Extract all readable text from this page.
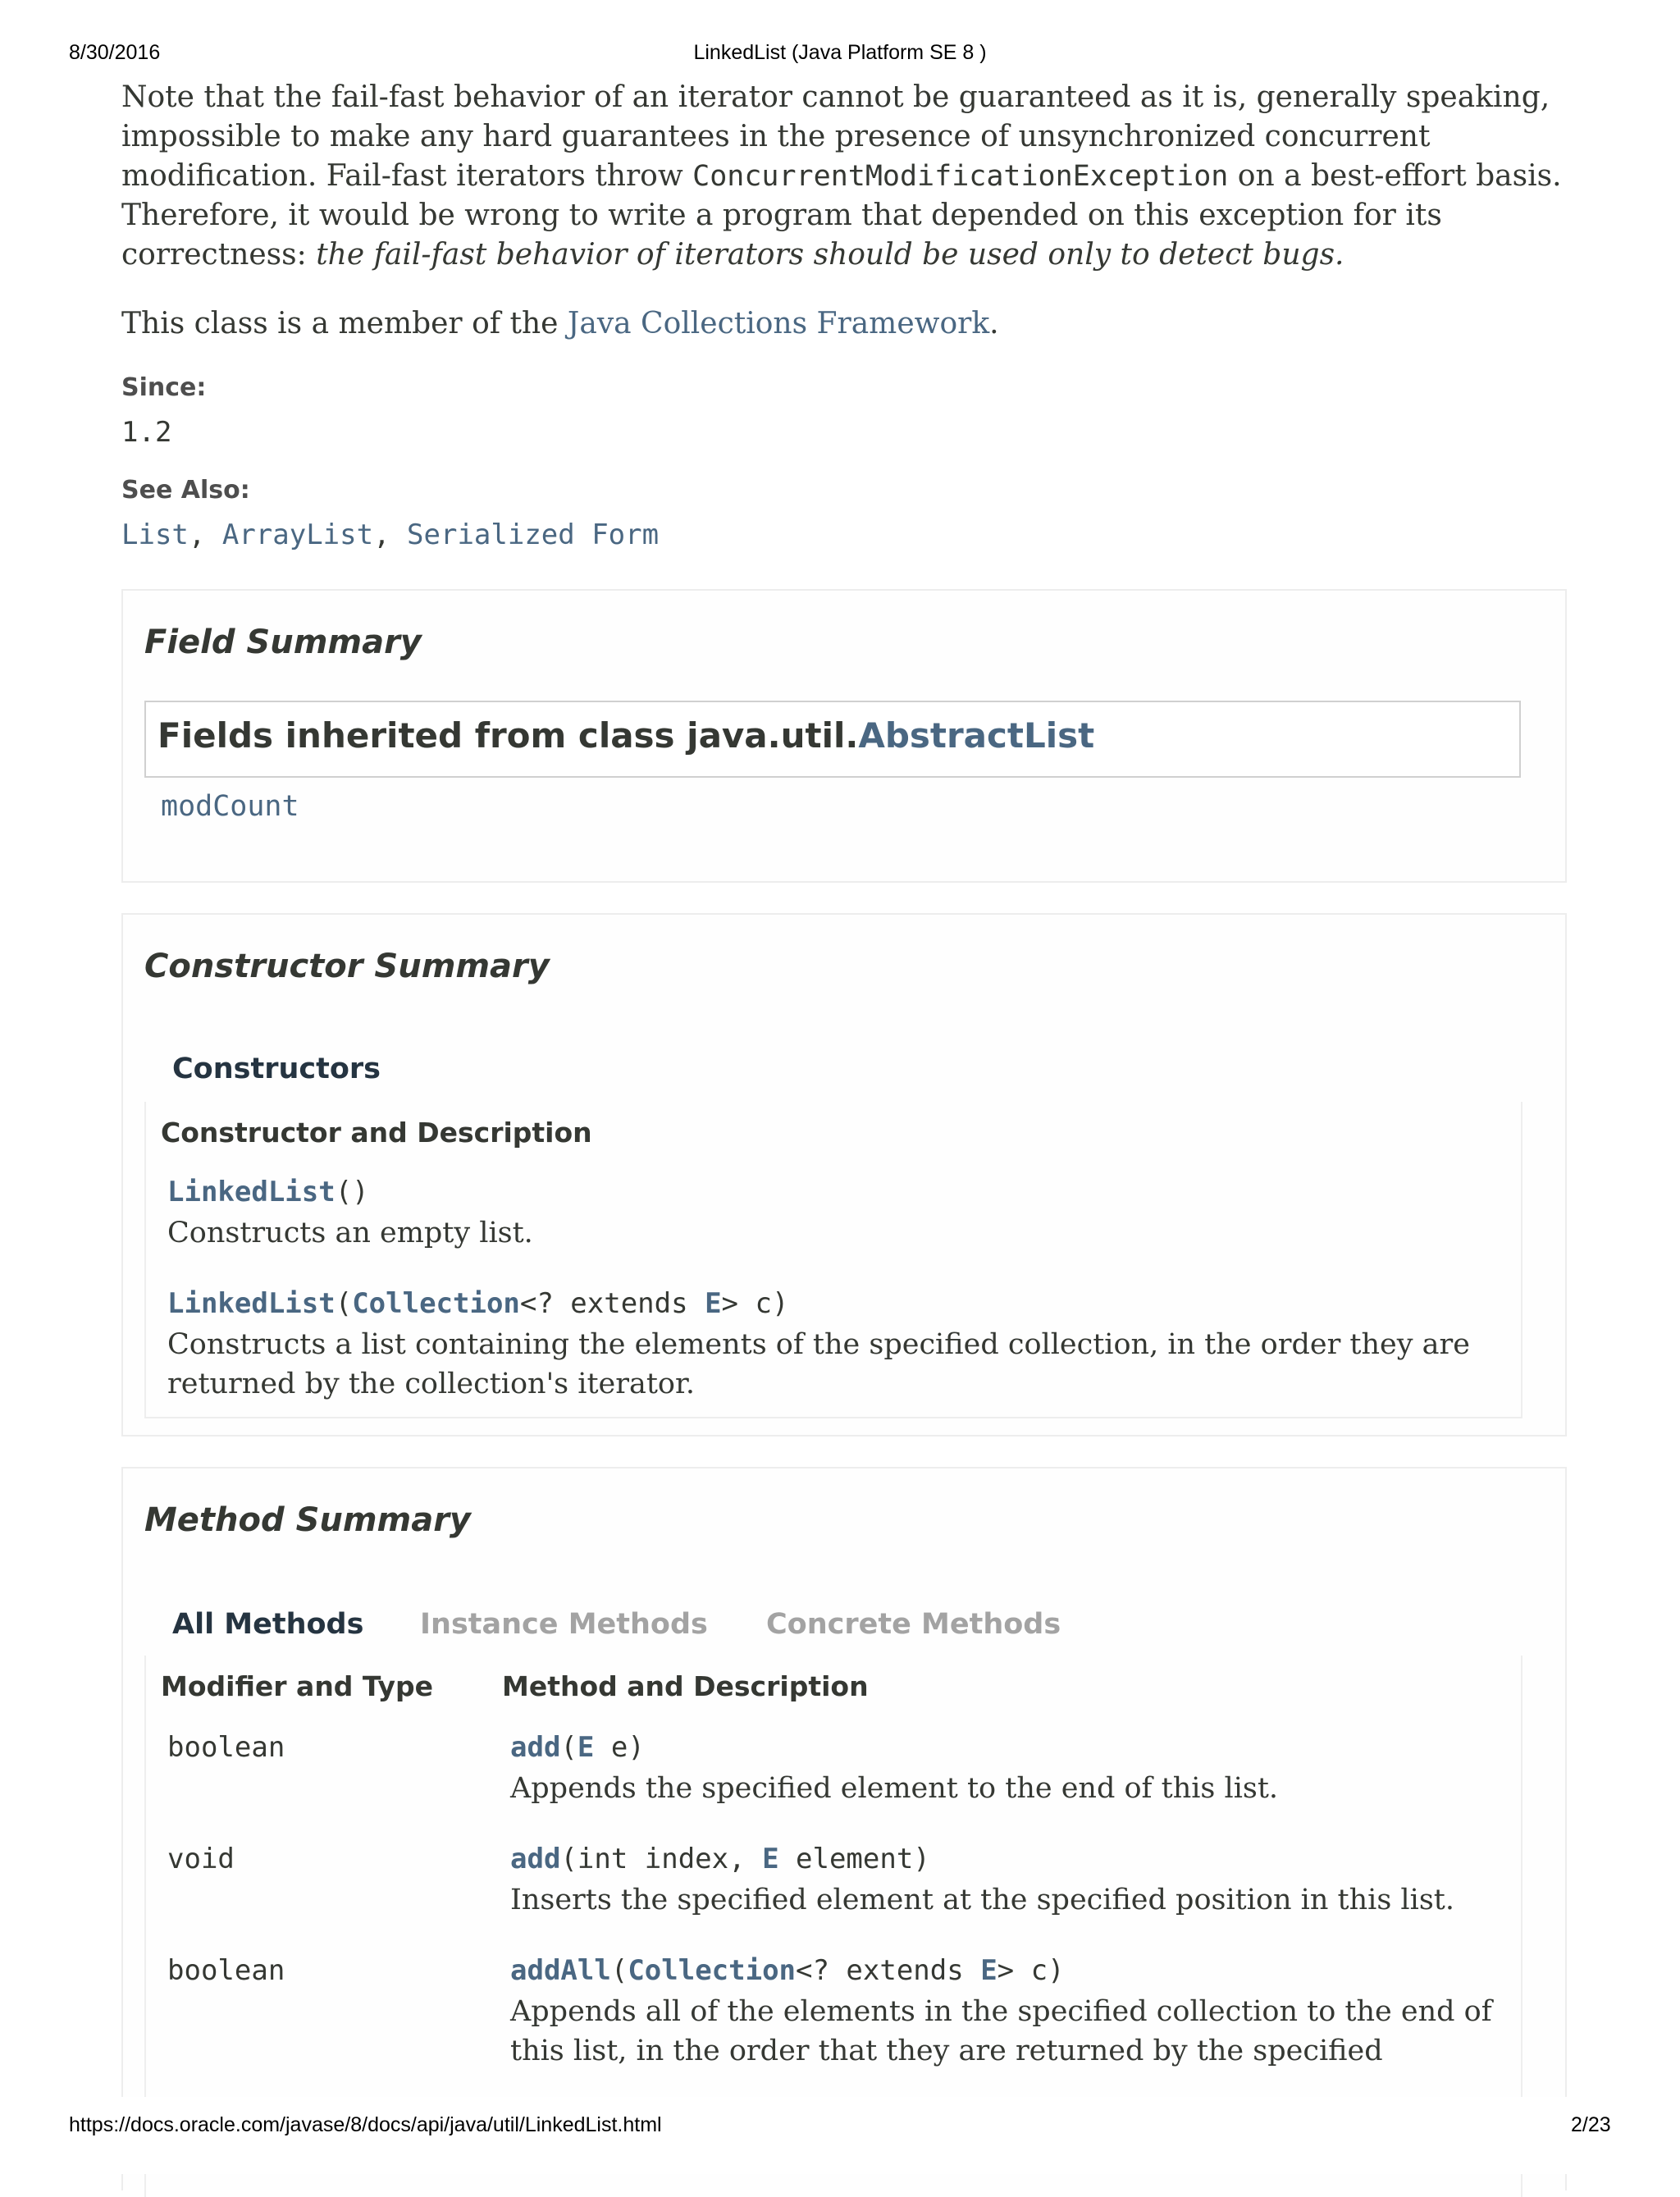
8/30/2016	LinkedList (Java Platform SE 8 )

Note that the fail-fast behavior of an iterator cannot be guaranteed as it is, generally speaking, impossible to make any hard guarantees in the presence of unsynchronized concurrent modification. Fail-fast iterators throw ConcurrentModificationException on a best-effort basis. Therefore, it would be wrong to write a program that depended on this exception for its correctness: the fail-fast behavior of iterators should be used only to detect bugs.

This class is a member of the Java Collections Framework.

Since:
1.2
See Also:
List, ArrayList, Serialized Form
Field Summary
Fields inherited from class java.util.AbstractList
modCount
Constructor Summary
Constructors
Constructor and Description
LinkedList()
Constructs an empty list.
LinkedList(Collection<? extends E> c)
Constructs a list containing the elements of the specified collection, in the order they are returned by the collection's iterator.
Method Summary
All Methods Instance Methods Concrete Methods
Modifier and Type	Method and Description
boolean	add(E e)
Appends the specified element to the end of this list.
void	add(int index, E element)
Inserts the specified element at the specified position in this list.
boolean	addAll(Collection<? extends E> c)
Appends all of the elements in the specified collection to the end of this list, in the order that they are returned by the specified
https://docs.oracle.com/javase/8/docs/api/java/util/LinkedList.html	2/23
